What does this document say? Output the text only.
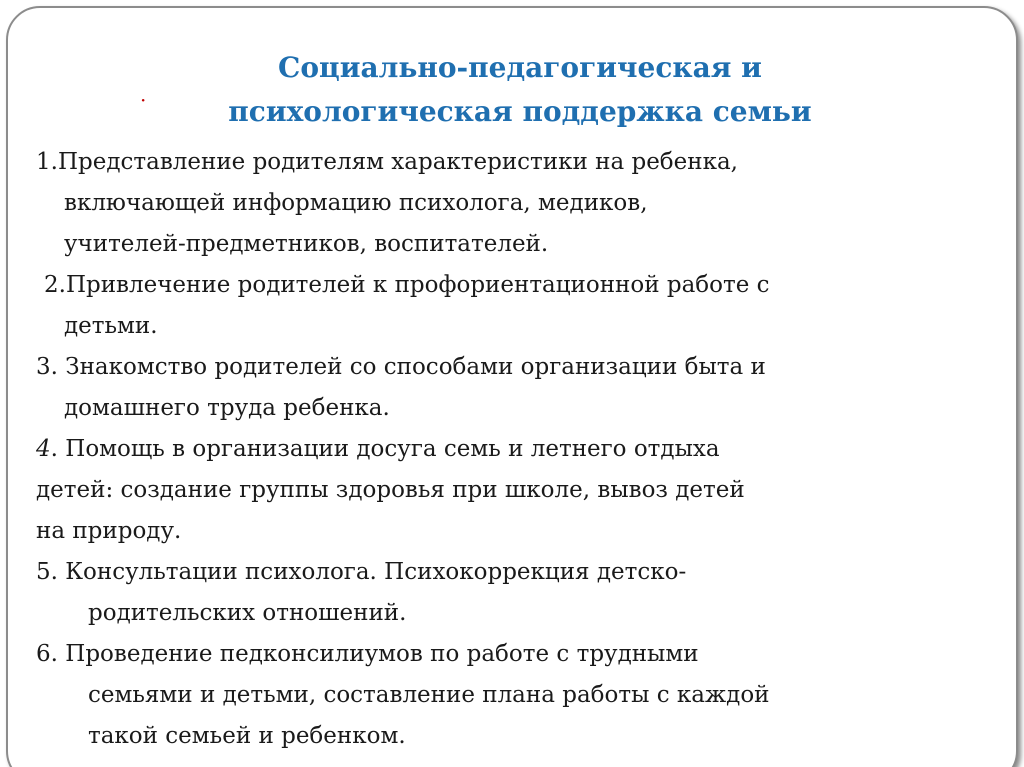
·
Социально-педагогическая и
психологическая поддержка семьи
1.Представление родителям характеристики на ребенка,
включающей информацию психолога, медиков,
учителей-предметников, воспитателей.
2.Привлечение родителей к профориентационной работе с
детьми.
3. Знакомство родителей со способами организации быта и
домашнего труда ребенка.
4. Помощь в организации досуга семь и летнего отдыха
детей: создание группы здоровья при школе, вывоз детей
на природу.
5. Консультации психолога. Психокоррекция детско-
родительских отношений.
6. Проведение педконсилиумов по работе с трудными
семьями и детьми, составление плана работы с каждой
такой семьей и ребенком.
